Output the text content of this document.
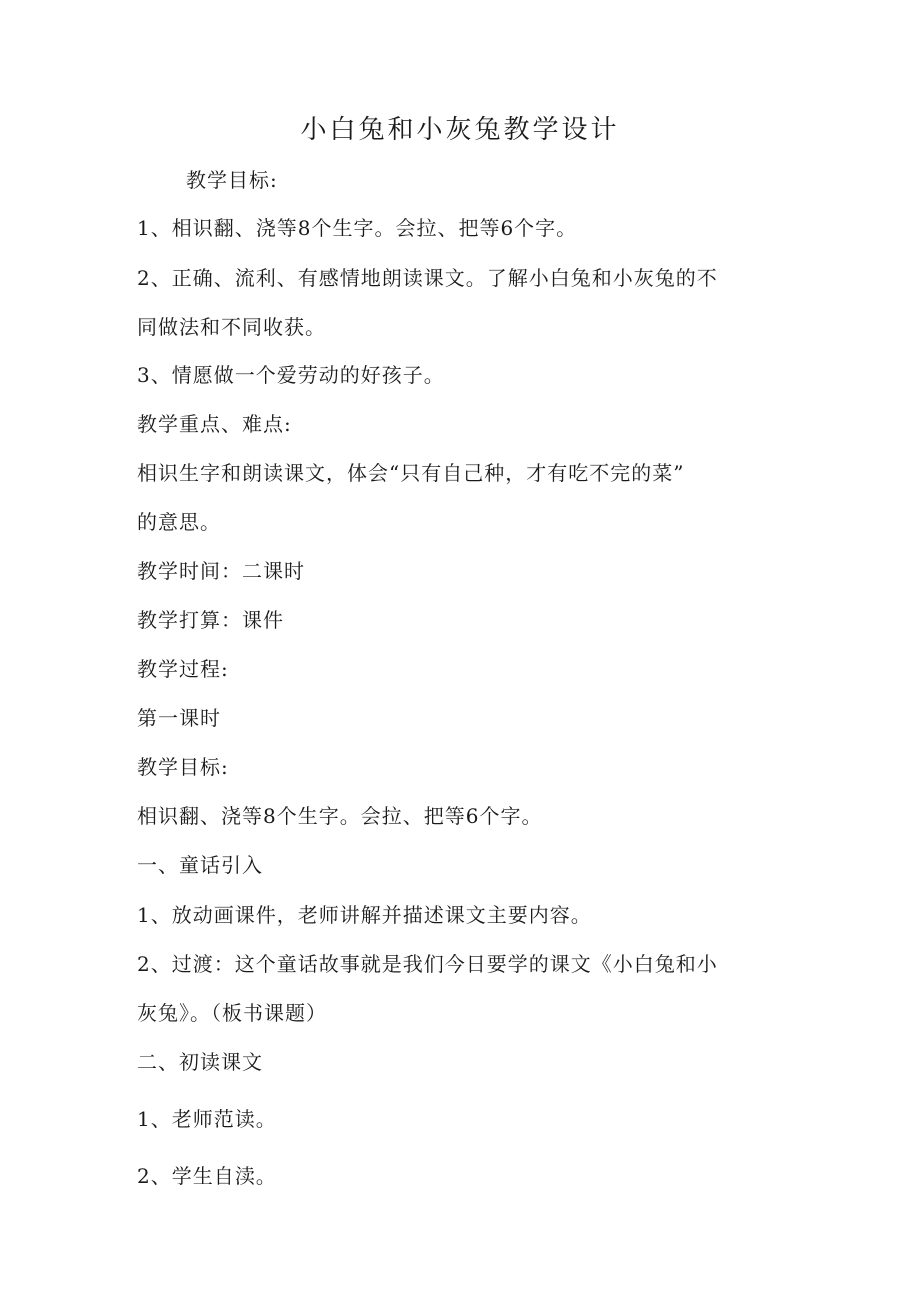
小白兔和小灰兔教学设计
教学目标:
1、相识翻、浇等8个生字。会拉、把等6个字。
2、正确、流利、有感情地朗读课文。了解小白兔和小灰兔的不
同做法和不同收获。
3、情愿做一个爱劳动的好孩子。
教学重点、难点:
相识生字和朗读课文，体会“只有自己种，才有吃不完的菜”
的意思。
教学时间：二课时
教学打算：课件
教学过程:
第一课时
教学目标:
相识翻、浇等8个生字。会拉、把等6个字。
一、童话引入
1、放动画课件，老师讲解并描述课文主要内容。
2、过渡：这个童话故事就是我们今日要学的课文《小白兔和小
灰兔》。（板书课题）
二、初读课文
1、老师范读。
2、学生自渎。
